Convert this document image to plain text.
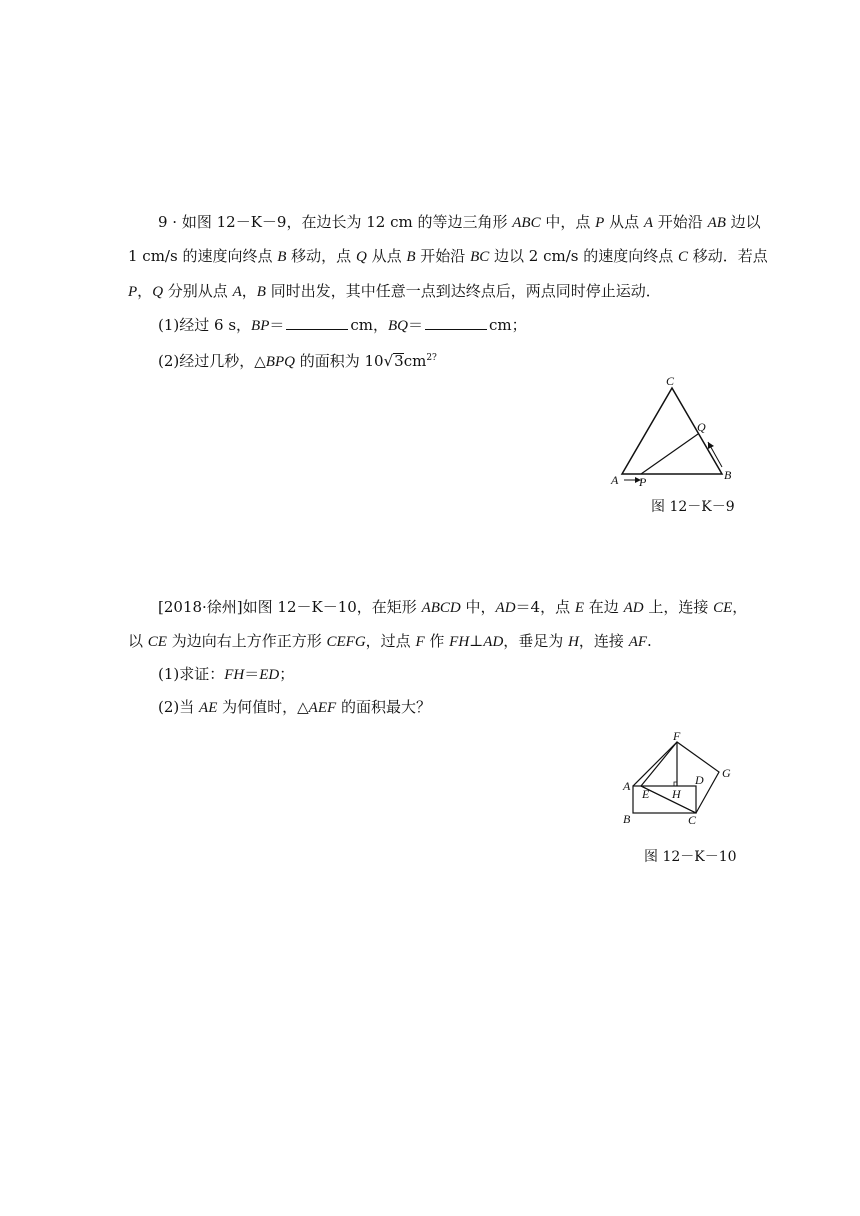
9 · 如图 12－K－9，在边长为 12 cm 的等边三角形 ABC 中，点 P 从点 A 开始沿 AB 边以
1 cm/s 的速度向终点 B 移动，点 Q 从点 B 开始沿 BC 边以 2 cm/s 的速度向终点 C 移动．若点
P，Q 分别从点 A，B 同时出发，其中任意一点到达终点后，两点同时停止运动．
(1)经过 6 s，BP＝	cm，BQ＝	cm；
(2)经过几秒，△BPQ 的面积为 $10√3cm^{2?}$
C
Q
B
A P
图 12－K－9
[2018·徐州]如图 12－K－10，在矩形 ABCD 中，AD＝4，点 E 在边 AD 上，连接 CE，
以 CE 为边向右上方作正方形 CEFG，过点 F 作 FH⊥AD，垂足为 H，连接 AF.
(1)求证：FH＝ED；
(2)当 AE 为何值时，△AEF 的面积最大？
F
A
E H
D G
B	C
图 12－K－10
